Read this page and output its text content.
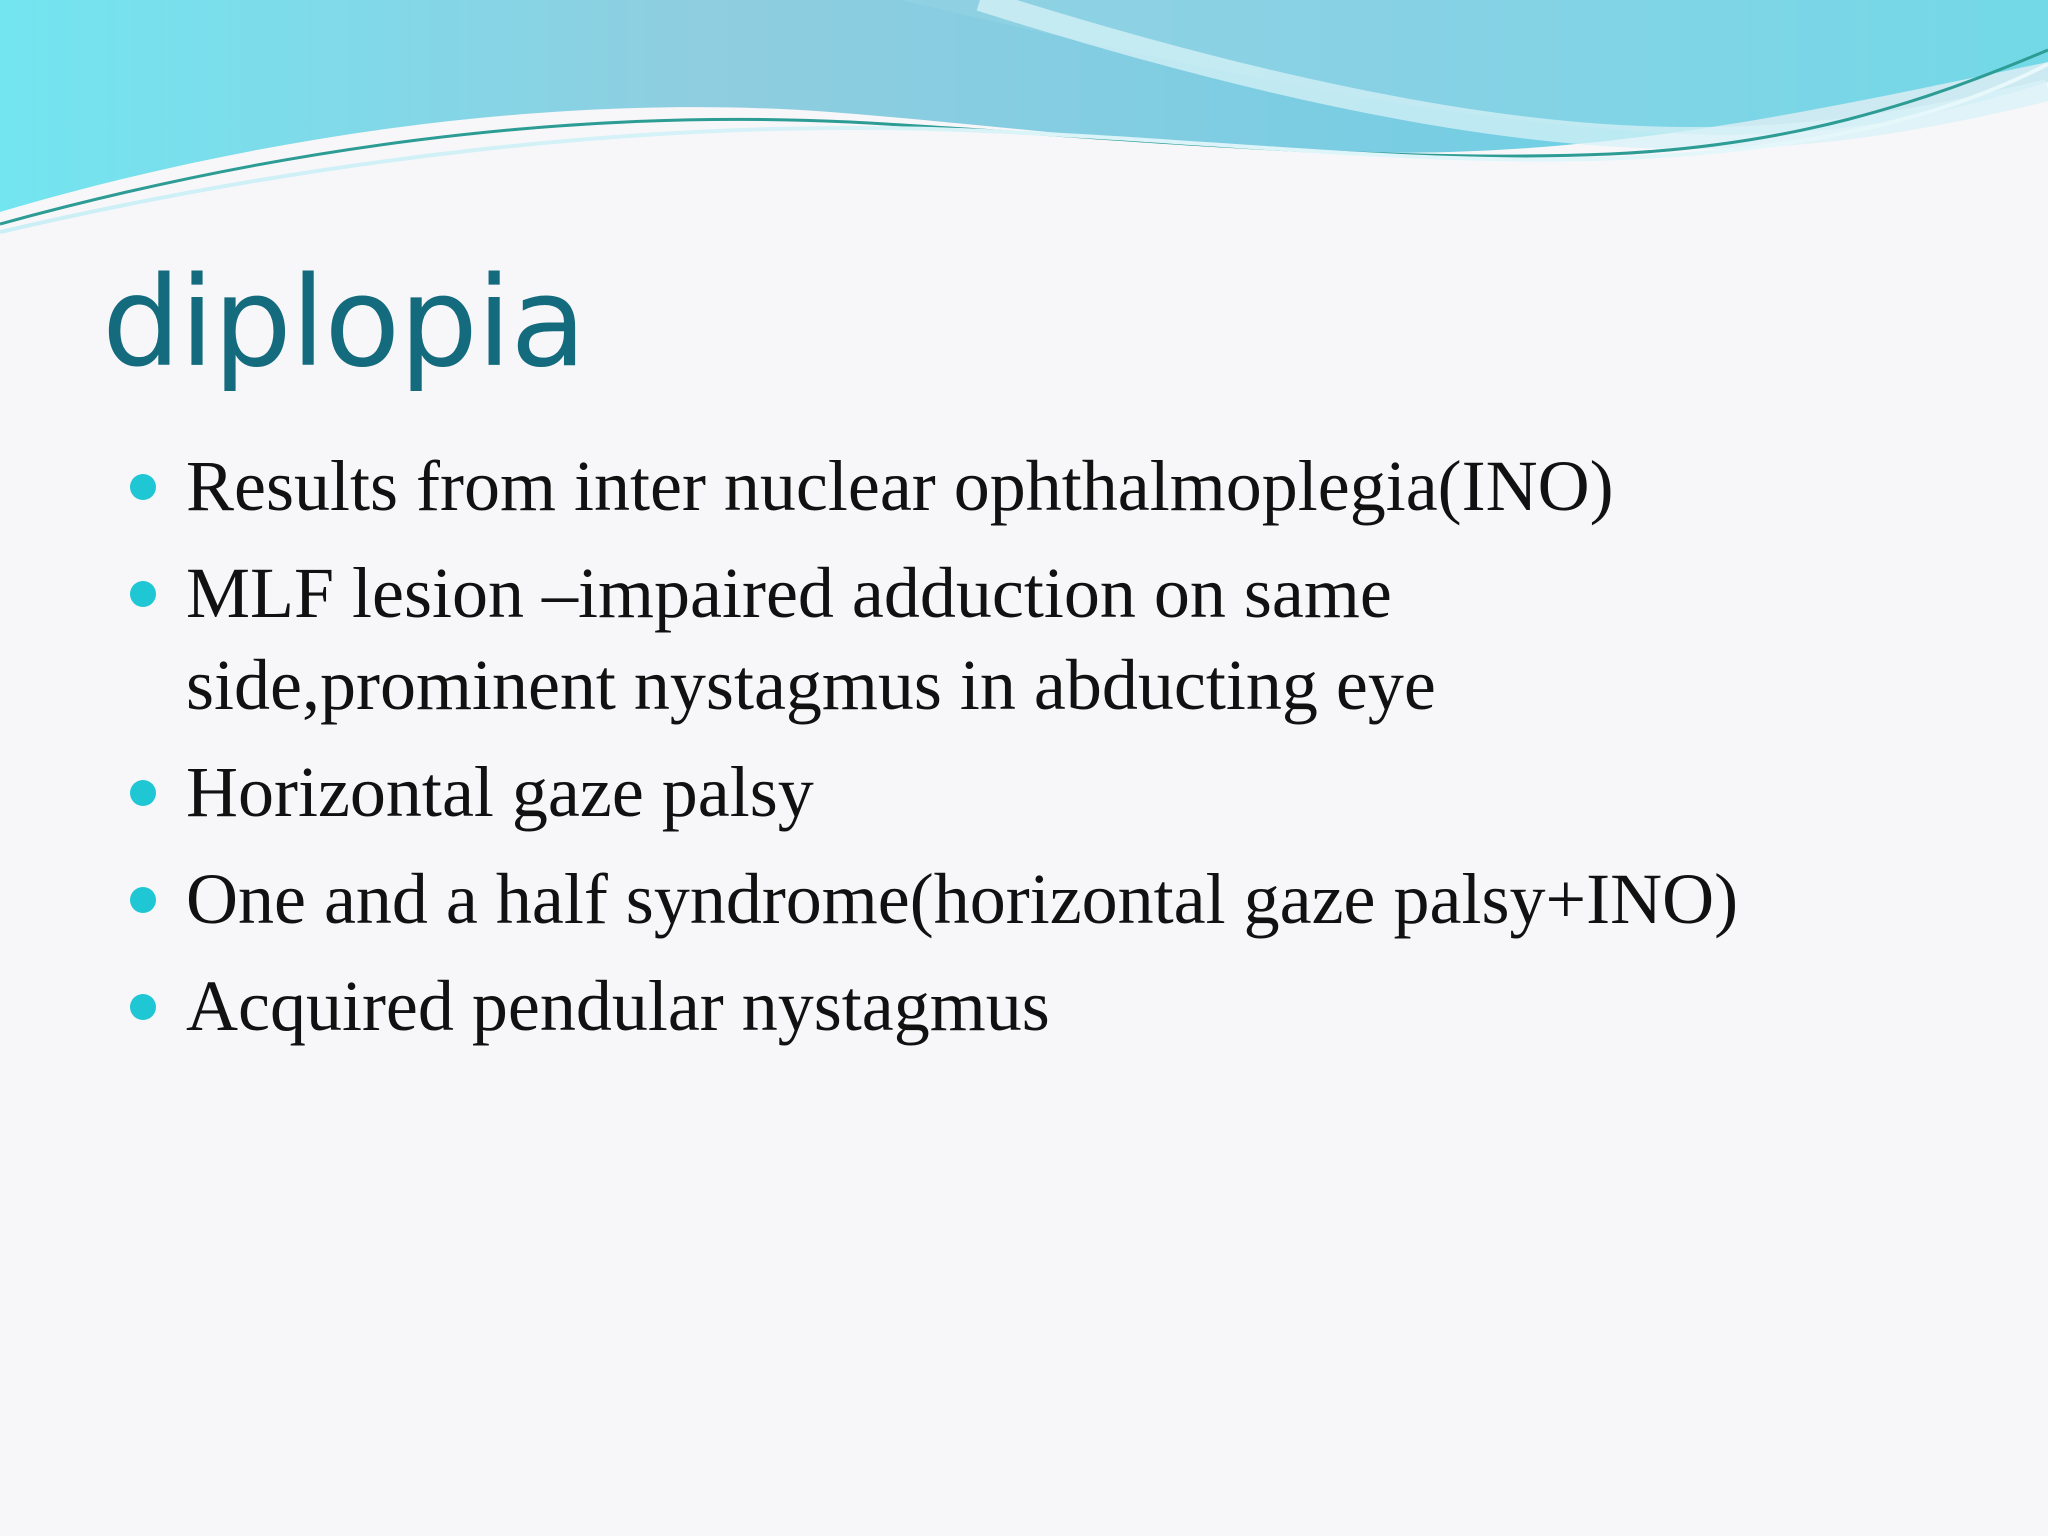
diplopia
Results from inter nuclear ophthalmoplegia(INO)
MLF lesion –impaired adduction on same side,prominent nystagmus in abducting eye
Horizontal gaze palsy
One and a half syndrome(horizontal gaze palsy+INO)
Acquired pendular nystagmus
